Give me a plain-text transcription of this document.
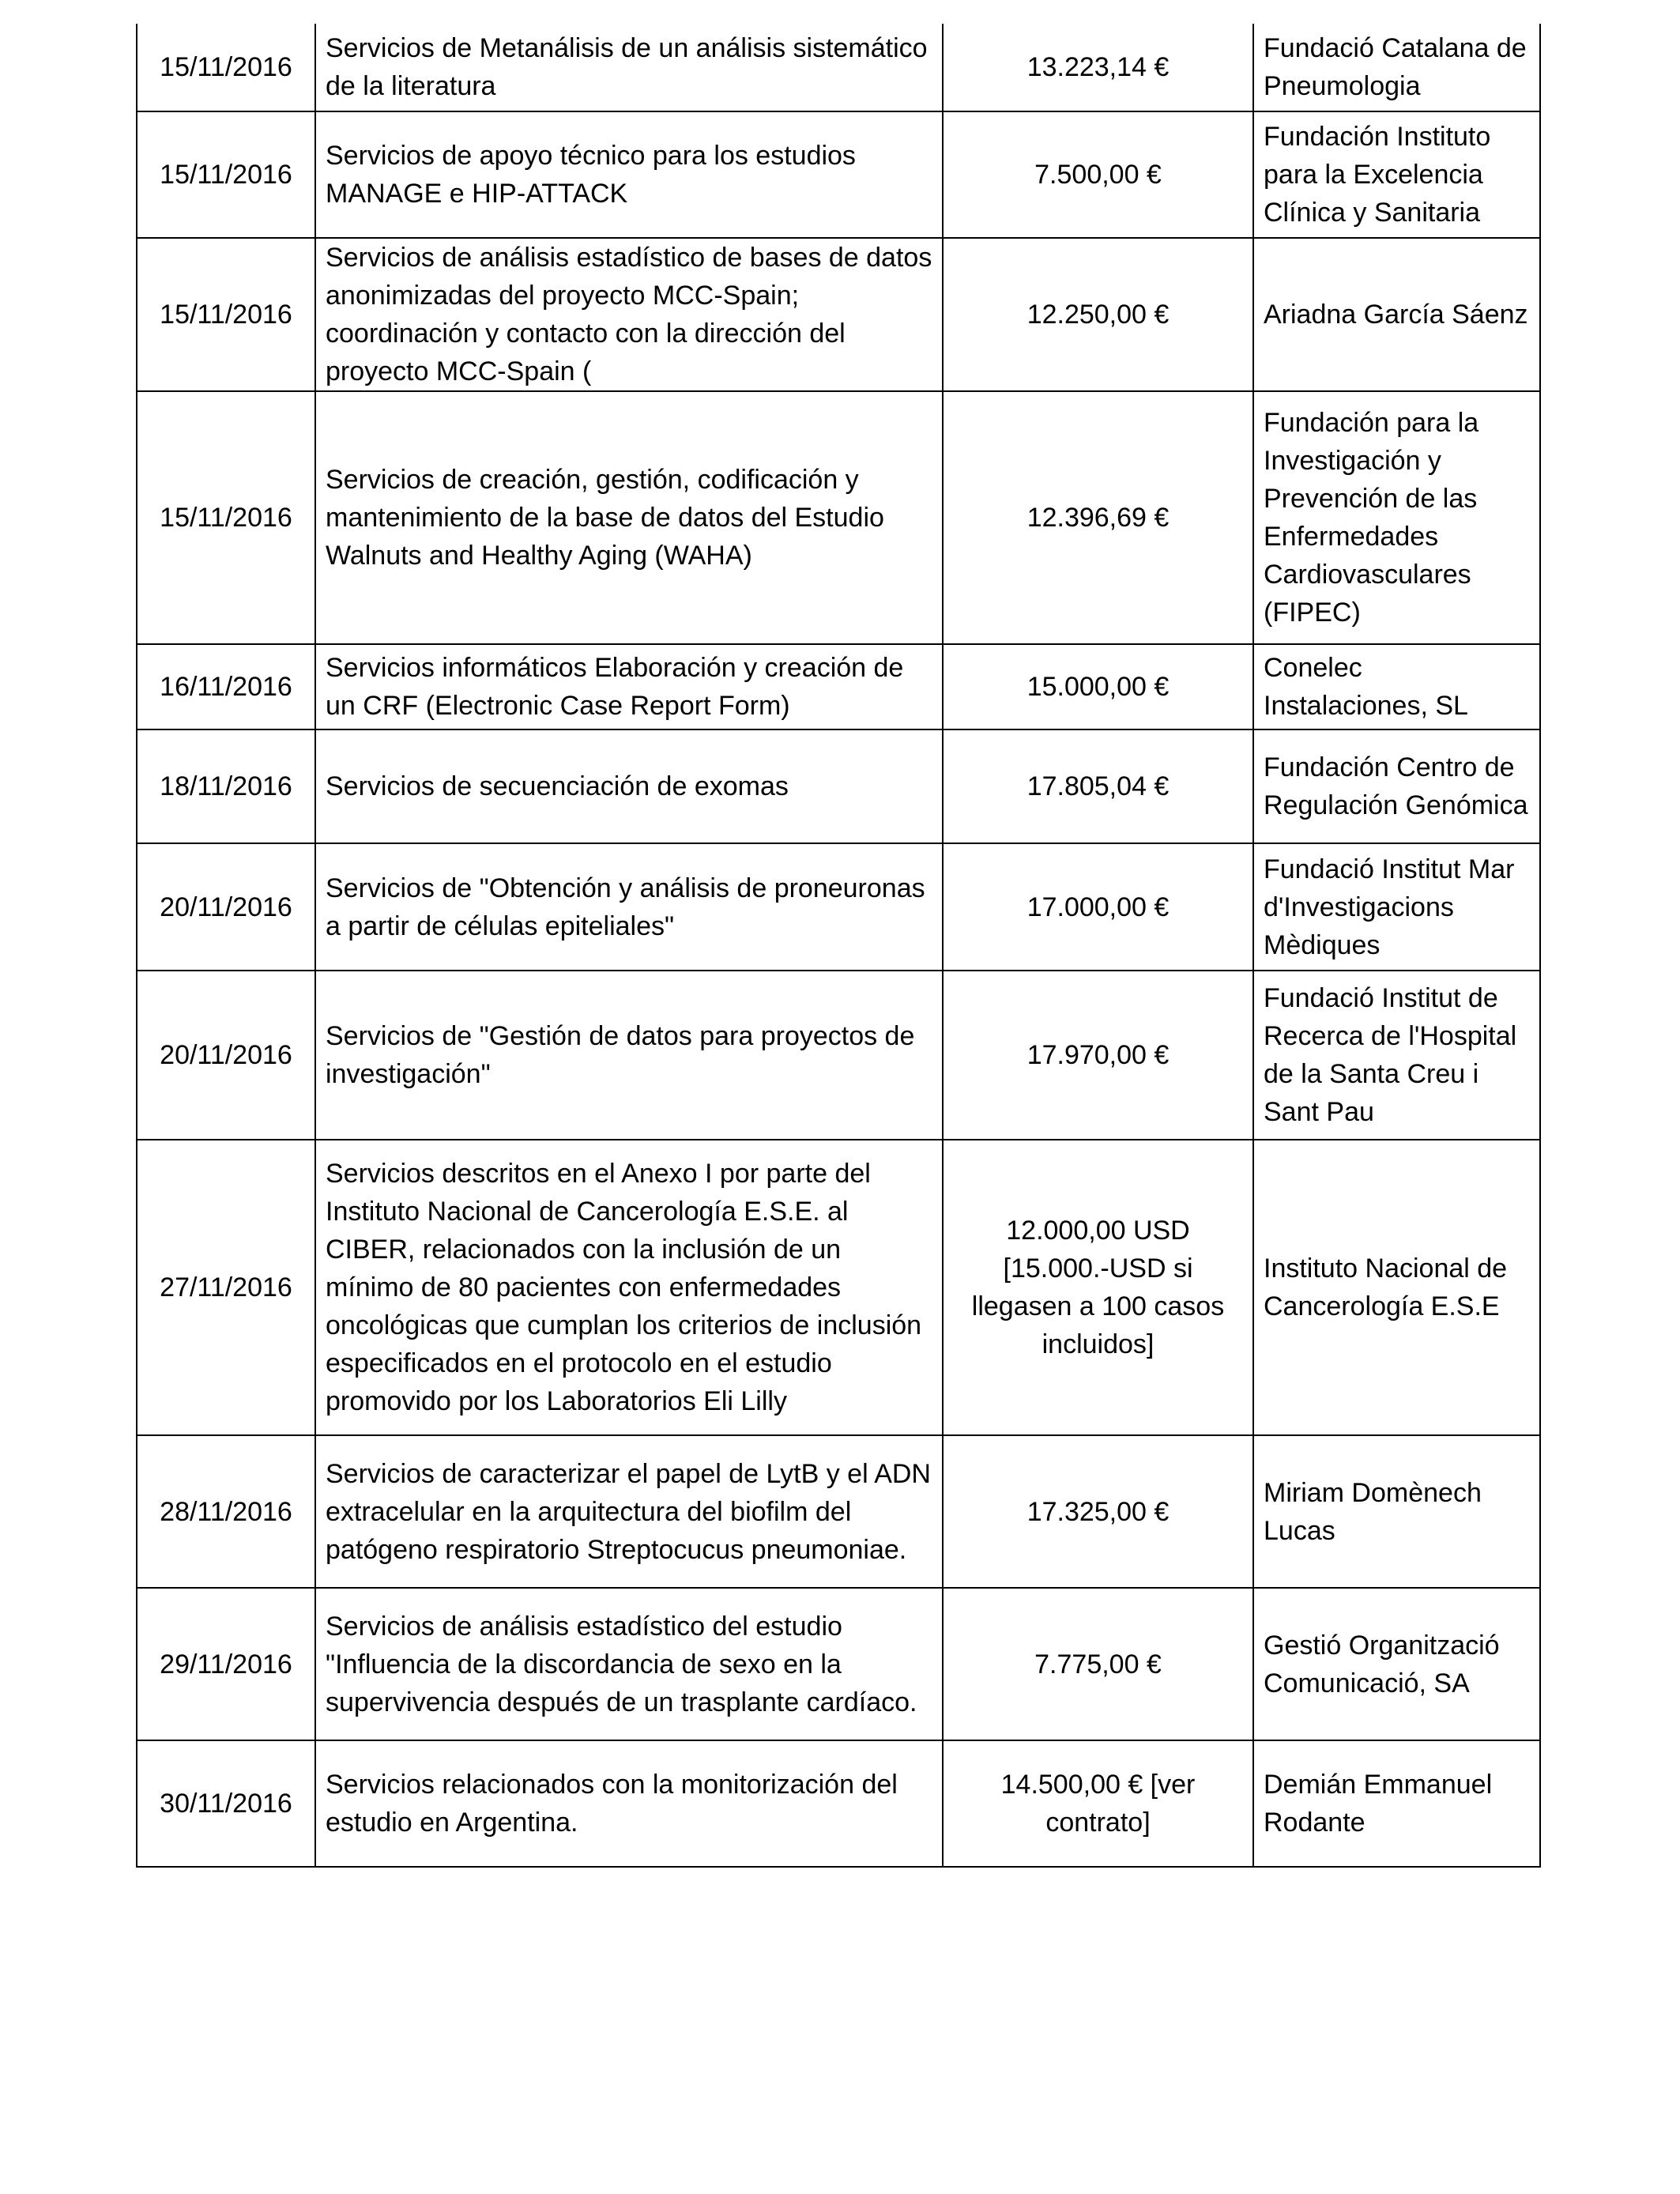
15/11/2016	Servicios de Metanálisis de un análisis sistemático de la literatura	13.223,14 €	Fundació Catalana de Pneumologia
15/11/2016	Servicios de apoyo técnico para los estudios MANAGE e HIP-ATTACK	7.500,00 €	Fundación Instituto para la Excelencia Clínica y Sanitaria
15/11/2016	Servicios de análisis estadístico de bases de datos anonimizadas del proyecto MCC-Spain; coordinación y contacto con la dirección del proyecto MCC-Spain (	12.250,00 €	Ariadna García Sáenz
15/11/2016	Servicios de creación, gestión, codificación y mantenimiento de la base de datos del Estudio Walnuts and Healthy Aging (WAHA)	12.396,69 €	Fundación para la Investigación y Prevención de las Enfermedades Cardiovasculares (FIPEC)
16/11/2016	Servicios informáticos Elaboración y creación de un CRF (Electronic Case Report Form)	15.000,00 €	Conelec Instalaciones, SL
18/11/2016	Servicios de secuenciación de exomas	17.805,04 €	Fundación Centro de Regulación Genómica
20/11/2016	Servicios de "Obtención y análisis de proneuronas a partir de células epiteliales"	17.000,00 €	Fundació Institut Mar d'Investigacions Mèdiques
20/11/2016	Servicios de "Gestión de datos para proyectos de investigación"	17.970,00 €	Fundació Institut de Recerca de l'Hospital de la Santa Creu i Sant Pau
27/11/2016	Servicios descritos en el Anexo I por parte del Instituto Nacional de Cancerología E.S.E. al CIBER, relacionados con la inclusión de un mínimo de 80 pacientes con enfermedades oncológicas que cumplan los criterios de inclusión especificados en el protocolo en el estudio promovido por los Laboratorios Eli Lilly	12.000,00 USD [15.000.-USD si llegasen a 100 casos incluidos]	Instituto Nacional de Cancerología E.S.E
28/11/2016	Servicios de caracterizar el papel de LytB y el ADN extracelular en la arquitectura del biofilm del patógeno respiratorio Streptocucus pneumoniae.	17.325,00 €	Miriam Domènech Lucas
29/11/2016	Servicios de análisis estadístico del estudio "Influencia de la discordancia de sexo en la supervivencia después de un trasplante cardíaco.	7.775,00 €	Gestió Organització Comunicació, SA
30/11/2016	Servicios relacionados con la monitorización del estudio en Argentina.	14.500,00 € [ver contrato]	Demián Emmanuel Rodante
